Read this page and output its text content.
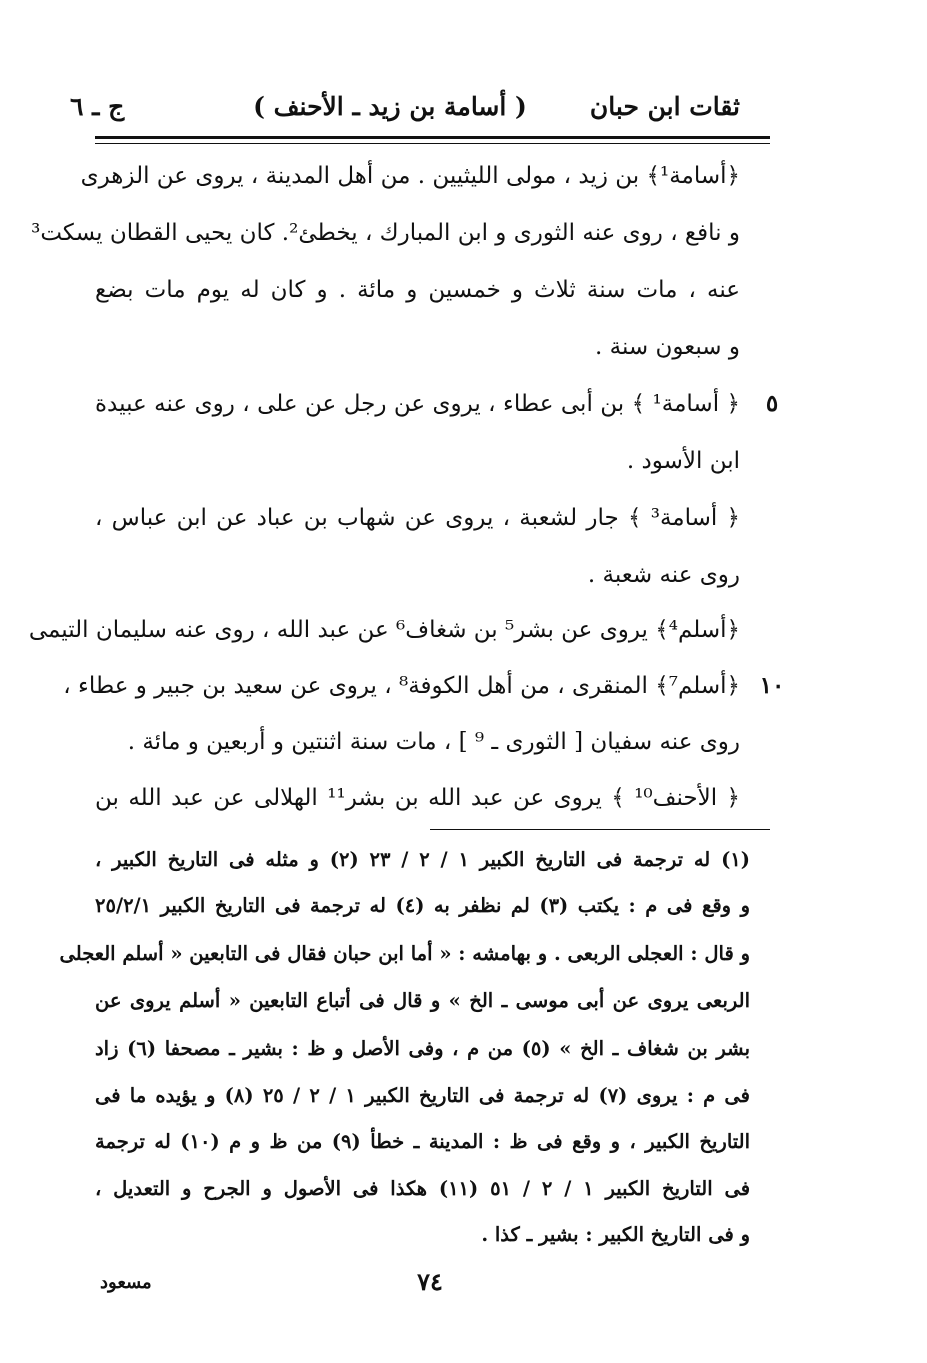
ثقات ابن حبان
( أسامة بن زيد ـ الأحنف )
ج ـ ٦
﴿أسامة¹﴾ بن زيد ، مولى الليثيين . من أهل المدينة ، يروى عن الزهرى
و نافع ، روى عنه الثورى و ابن المبارك ، يخطئ². كان يحيى القطان يسكت³
عنه ، مات سنة ثلاث و خمسين و مائة . و كان له يوم مات بضع
و سبعون سنة .
٥
﴿ أسامة¹ ﴾ بن أبى عطاء ، يروى عن رجل عن على ، روى عنه عبيدة
ابن الأسود .
﴿ أسامة³ ﴾ جار لشعبة ، يروى عن شهاب بن عباد عن ابن عباس ،
روى عنه شعبة .
﴿أسلم⁴﴾ يروى عن بشر⁵ بن شغاف⁶ عن عبد الله ، روى عنه سليمان التيمى
١٠
﴿أسلم⁷﴾ المنقرى ، من أهل الكوفة⁸ ، يروى عن سعيد بن جبير و عطاء ،
روى عنه سفيان [ الثورى ـ ⁹ ] ، مات سنة اثنتين و أربعين و مائة .
﴿ الأحنف¹⁰ ﴾ يروى عن عبد الله بن بشر¹¹ الهلالى عن عبد الله بن
(١) له ترجمة فى التاريخ الكبير ١ / ٢ / ٢٣ (٢) و مثله فى التاريخ الكبير ،
و وقع فى م : يكتب (٣) لم نظفر به (٤) له ترجمة فى التاريخ الكبير ٢٥/٢/١
و قال : العجلى الربعى . و بهامشه : « أما ابن حبان فقال فى التابعين « أسلم العجلى
الربعى يروى عن أبى موسى ـ الخ » و قال فى أتباع التابعين « أسلم يروى عن
بشر بن شغاف ـ الخ » (٥) من م ، وفى الأصل و ظ : بشير ـ مصحفا (٦) زاد
فى م : يروى (٧) له ترجمة فى التاريخ الكبير ١ / ٢ / ٢٥ (٨) و يؤيده ما فى
التاريخ الكبير ، و وقع فى ظ : المدينة ـ خطأ (٩) من ظ و م (١٠) له ترجمة
فى التاريخ الكبير ١ / ٢ / ٥١ (١١) هكذا فى الأصول و الجرح و التعديل ،
و فى التاريخ الكبير : بشير ـ كذا .
٧٤
مسعود
